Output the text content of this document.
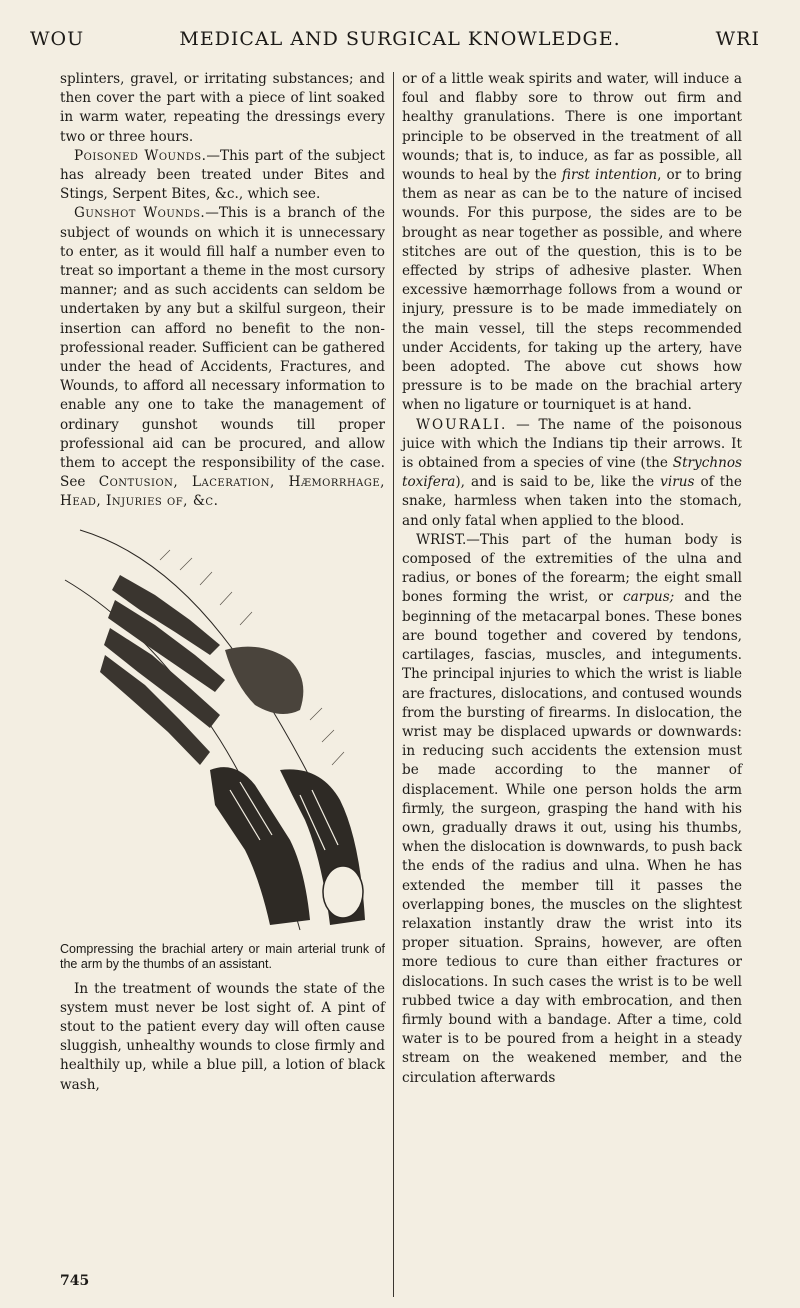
WOU	MEDICAL AND SURGICAL KNOWLEDGE.	WRI

splinters, gravel, or irritating substances; and then cover the part with a piece of lint soaked in warm water, repeating the dressings every two or three hours.

Poisoned Wounds.—This part of the subject has already been treated under Bites and Stings, Serpent Bites, &c., which see.

Gunshot Wounds.—This is a branch of the subject of wounds on which it is unnecessary to enter, as it would fill half a number even to treat so important a theme in the most cursory manner; and as such accidents can seldom be undertaken by any but a skilful surgeon, their insertion can afford no benefit to the non-professional reader. Sufficient can be gathered under the head of Accidents, Fractures, and Wounds, to afford all necessary information to enable any one to take the management of ordinary gunshot wounds till proper professional aid can be procured, and allow them to accept the responsibility of the case. See Contusion, Laceration, Hæmorrhage, Head, Injuries of, &c.

Compressing the brachial artery or main arterial trunk of the arm by the thumbs of an assistant.

In the treatment of wounds the state of the system must never be lost sight of. A pint of stout to the patient every day will often cause sluggish, unhealthy wounds to close firmly and healthily up, while a blue pill, a lotion of black wash,

or of a little weak spirits and water, will induce a foul and flabby sore to throw out firm and healthy granulations. There is one important principle to be observed in the treatment of all wounds; that is, to induce, as far as possible, all wounds to heal by the first intention, or to bring them as near as can be to the nature of incised wounds. For this purpose, the sides are to be brought as near together as possible, and where stitches are out of the question, this is to be effected by strips of adhesive plaster. When excessive hæmorrhage follows from a wound or injury, pressure is to be made immediately on the main vessel, till the steps recommended under Accidents, for taking up the artery, have been adopted. The above cut shows how pressure is to be made on the brachial artery when no ligature or tourniquet is at hand.

WOURALI. — The name of the poisonous juice with which the Indians tip their arrows. It is obtained from a species of vine (the Strychnos toxifera), and is said to be, like the virus of the snake, harmless when taken into the stomach, and only fatal when applied to the blood.

WRIST.—This part of the human body is composed of the extremities of the ulna and radius, or bones of the forearm; the eight small bones forming the wrist, or carpus; and the beginning of the metacarpal bones. These bones are bound together and covered by tendons, cartilages, fascias, muscles, and integuments. The principal injuries to which the wrist is liable are fractures, dislocations, and contused wounds from the bursting of firearms. In dislocation, the wrist may be displaced upwards or downwards: in reducing such accidents the extension must be made according to the manner of displacement. While one person holds the arm firmly, the surgeon, grasping the hand with his own, gradually draws it out, using his thumbs, when the dislocation is downwards, to push back the ends of the radius and ulna. When he has extended the member till it passes the overlapping bones, the muscles on the slightest relaxation instantly draw the wrist into its proper situation. Sprains, however, are often more tedious to cure than either fractures or dislocations. In such cases the wrist is to be well rubbed twice a day with embrocation, and then firmly bound with a bandage. After a time, cold water is to be poured from a height in a steady stream on the weakened member, and the circulation afterwards

745
